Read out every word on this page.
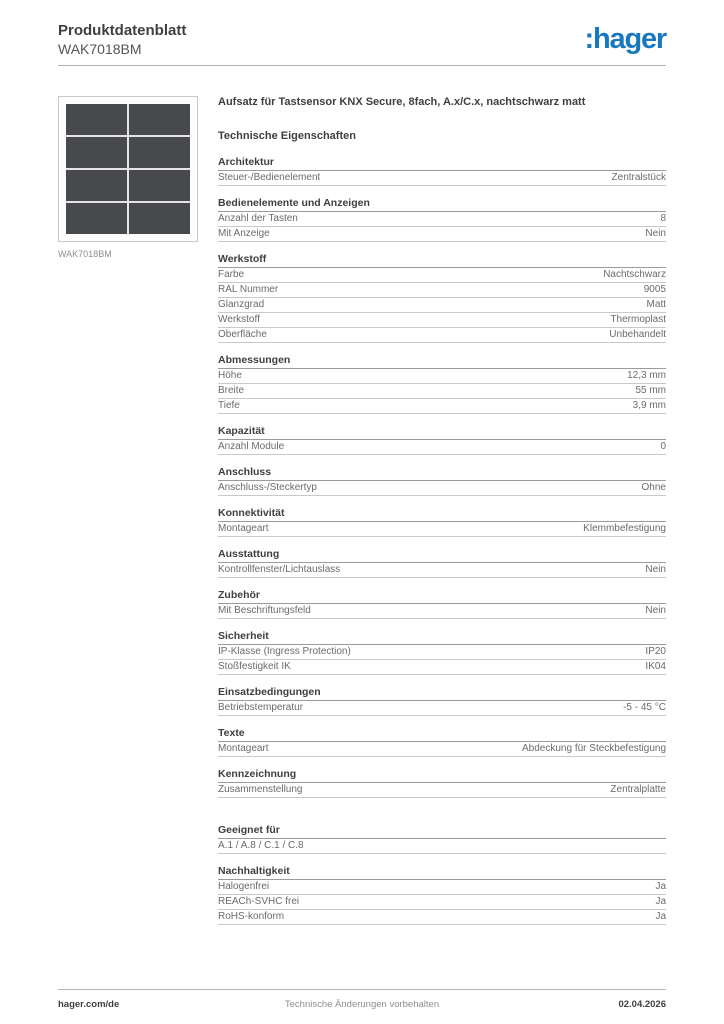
Produktdatenblatt
WAK7018BM	:hager
WAK7018BM

Aufsatz für Tastsensor KNX Secure, 8fach, A.x/C.x, nachtschwarz matt

Technische Eigenschaften

Architektur
Steuer-/Bedienelement	Zentralstück
Bedienelemente und Anzeigen
Anzahl der Tasten	8
Mit Anzeige	Nein
Werkstoff
Farbe	Nachtschwarz
RAL Nummer	9005
Glanzgrad	Matt
Werkstoff	Thermoplast
Oberfläche	Unbehandelt
Abmessungen
Höhe	12,3 mm
Breite	55 mm
Tiefe	3,9 mm
Kapazität
Anzahl Module	0
Anschluss
Anschluss-/Steckertyp	Ohne
Konnektivität
Montageart	Klemmbefestigung
Ausstattung
Kontrollfenster/Lichtauslass	Nein
Zubehör
Mit Beschriftungsfeld	Nein
Sicherheit
IP-Klasse (Ingress Protection)	IP20
Stoßfestigkeit IK	IK04
Einsatzbedingungen
Betriebstemperatur	-5 - 45 °C
Texte
Montageart	Abdeckung für Steckbefestigung
Kennzeichnung
Zusammenstellung	Zentralplatte
Geeignet für
A.1 / A.8 / C.1 / C.8
Nachhaltigkeit
Halogenfrei	Ja
REACh-SVHC frei	Ja
RoHS-konform	Ja
Technische Änderungen vorbehalten
hager.com/de	02.04.2026
